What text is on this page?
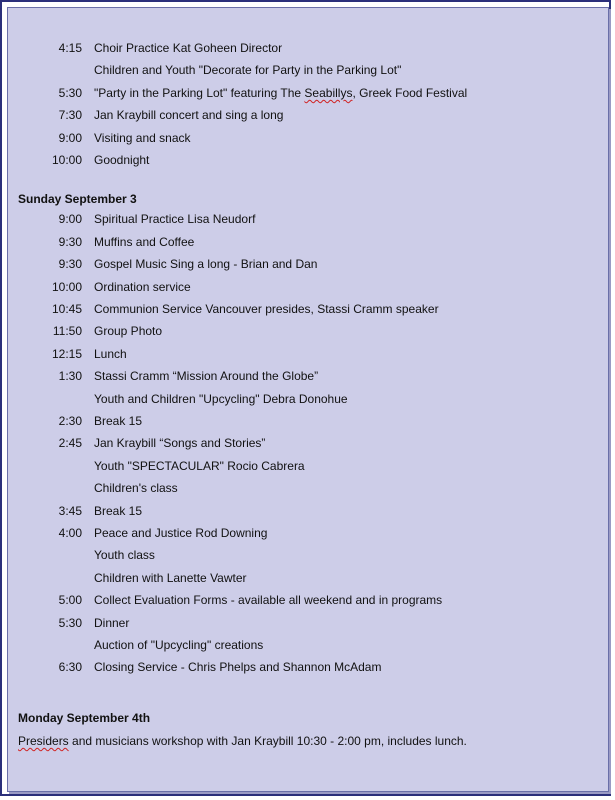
4:15 Choir Practice Kat Goheen Director
Children and Youth "Decorate for Party in the Parking Lot"
5:30 "Party in the Parking Lot" featuring The Seabillys, Greek Food Festival
7:30 Jan Kraybill concert and sing a long
9:00 Visiting and snack
10:00 Goodnight
Sunday September 3
9:00 Spiritual Practice Lisa Neudorf
9:30 Muffins and Coffee
9:30 Gospel Music Sing a long - Brian and Dan
10:00 Ordination service
10:45 Communion Service Vancouver presides, Stassi Cramm speaker
11:50 Group Photo
12:15 Lunch
1:30 Stassi Cramm “Mission Around the Globe”
Youth and Children "Upcycling" Debra Donohue
2:30 Break 15
2:45 Jan Kraybill “Songs and Stories”
Youth "SPECTACULAR" Rocio Cabrera
Children's class
3:45 Break 15
4:00 Peace and Justice Rod Downing
Youth class
Children with Lanette Vawter
5:00 Collect Evaluation Forms - available all weekend and in programs
5:30 Dinner
Auction of "Upcycling" creations
6:30 Closing Service - Chris Phelps and Shannon McAdam
Monday September 4th
Presiders and musicians workshop with Jan Kraybill 10:30 - 2:00 pm, includes lunch.
